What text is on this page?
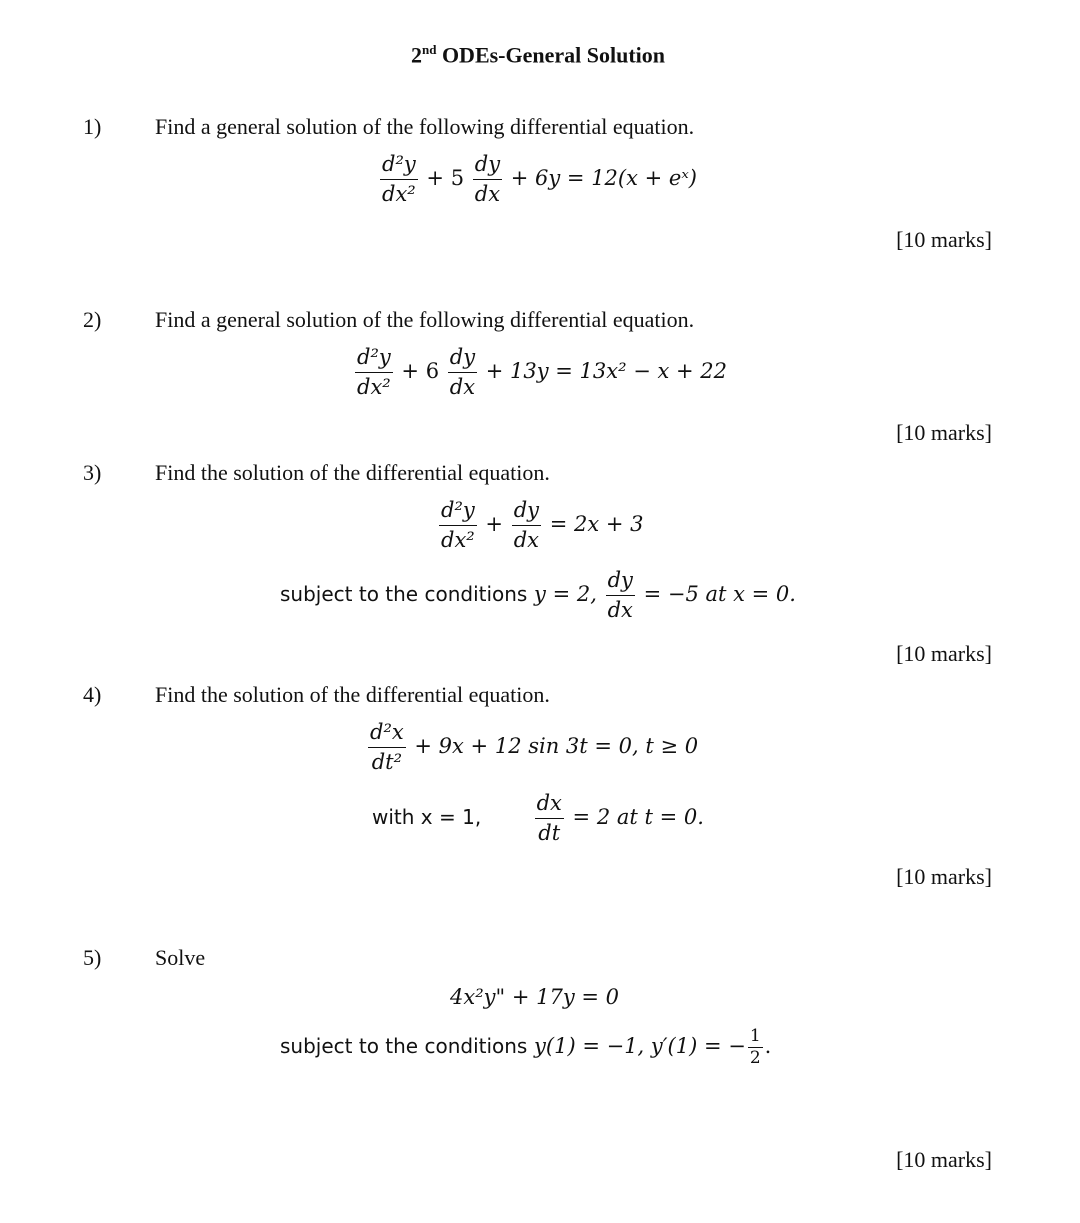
2nd ODEs-General Solution
1) Find a general solution of the following differential equation.
$\frac{\text{d²y}}{\text{dx²}} + 5 \frac{dy}{dx} + 6y = 12(x$ + eˣ)
[10 marks]
2) Find a general solution of the following differential equation.
$\frac{\text{d²y}}{\text{dx²}} + 6 \frac{dy}{dx} + 13y = 13x^2 - x + 22$
[10 marks]
3) Find the solution of the differential equation.
$\frac{\text{d²y}}{\text{dx²}} + \frac{dy}{dx} = 2x + 3$
subject to the conditions y = 2, $\frac{dy}{dx} = -5$ at x = 0.
[10 marks]
4) Find the solution of the differential equation.
$\frac{\text{d²x}}{\text{dt²}} + 9x + 12$ sin 3t = 0, t ≥ 0
with x = 1,	$\frac{dx}{dt} = 2$ at t = 0.
[10 marks]
5) Solve
4x²y" + 17y = 0
subject to the conditions y(1) = −1, y′(1) = − $\frac{1}{2}$ .
[10 marks]
